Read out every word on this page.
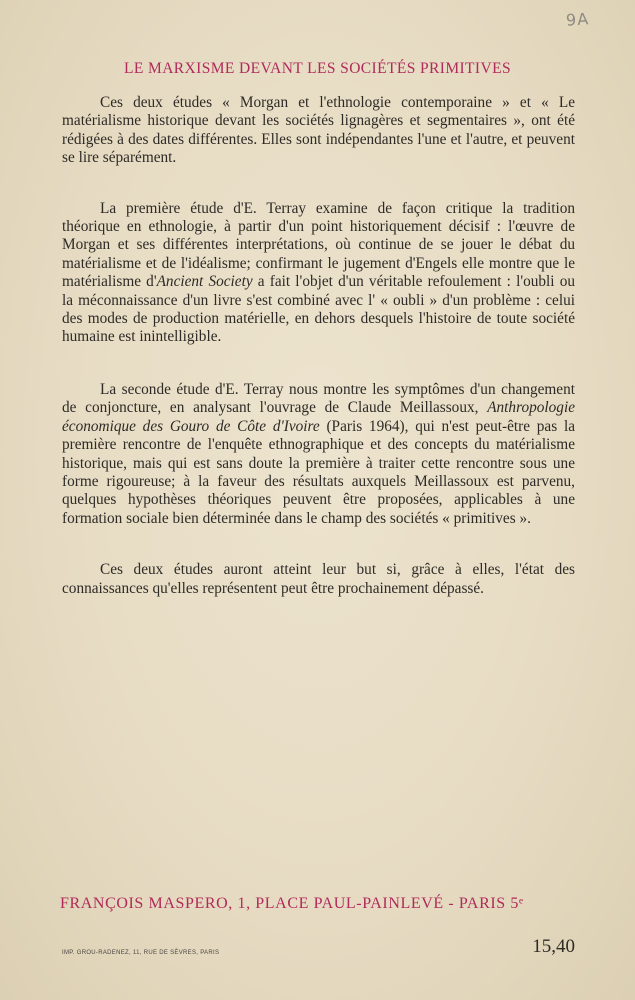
9A
LE MARXISME DEVANT LES SOCIÉTÉS PRIMITIVES

Ces deux études « Morgan et l'ethnologie contemporaine » et « Le matérialisme historique devant les sociétés lignagères et segmentaires », ont été rédigées à des dates différentes. Elles sont indépendantes l'une et l'autre, et peuvent se lire séparément.

La première étude d'E. Terray examine de façon critique la tradition théorique en ethnologie, à partir d'un point historiquement décisif : l'œuvre de Morgan et ses différentes interprétations, où continue de se jouer le débat du matérialisme et de l'idéalisme; confirmant le jugement d'Engels elle montre que le matérialisme d'Ancient Society a fait l'objet d'un véritable refoulement : l'oubli ou la méconnaissance d'un livre s'est combiné avec l' « oubli » d'un problème : celui des modes de production matérielle, en dehors desquels l'histoire de toute société humaine est inintelligible.

La seconde étude d'E. Terray nous montre les symptômes d'un changement de conjoncture, en analysant l'ouvrage de Claude Meillassoux, Anthropologie économique des Gouro de Côte d'Ivoire (Paris 1964), qui n'est peut-être pas la première rencontre de l'enquête ethnographique et des concepts du matérialisme historique, mais qui est sans doute la première à traiter cette rencontre sous une forme rigoureuse; à la faveur des résultats auxquels Meillassoux est parvenu, quelques hypothèses théoriques peuvent être proposées, applicables à une formation sociale bien déterminée dans le champ des sociétés « primitives ».

Ces deux études auront atteint leur but si, grâce à elles, l'état des connaissances qu'elles représentent peut être prochainement dépassé.

FRANÇOIS MASPERO, 1, PLACE PAUL-PAINLEVÉ - PARIS 5ᵉ
IMP. GROU-RADENEZ, 11, RUE DE SÈVRES, PARIS	15,40
